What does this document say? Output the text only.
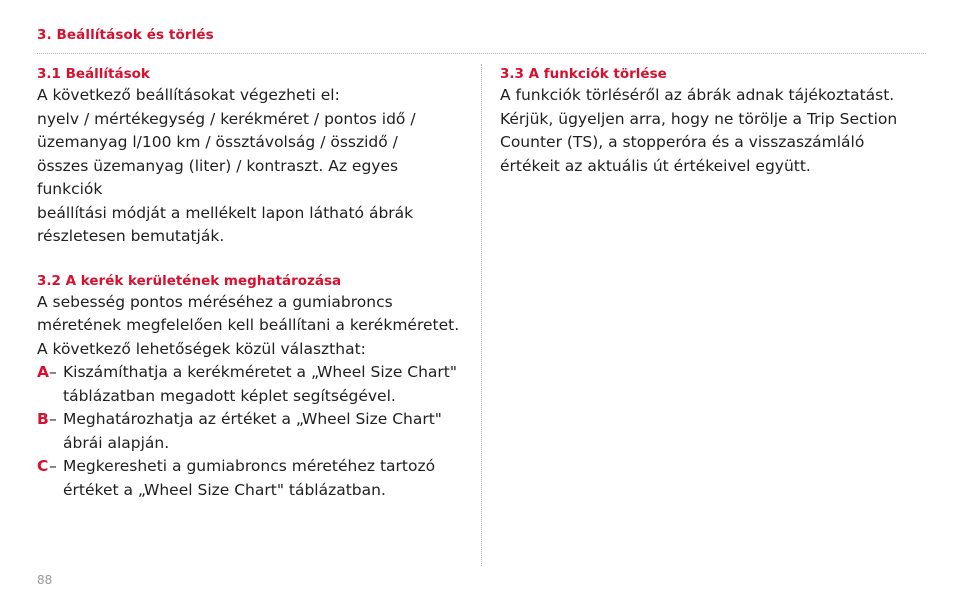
3. Beállítások és törlés
3.1 Beállítások

A következő beállításokat végezheti el:
nyelv / mértékegység / kerékméret / pontos idő /
üzemanyag l/100 km / össztávolság / összidő /
összes üzemanyag (liter) / kontraszt. Az egyes funkciók
beállítási módját a mellékelt lapon látható ábrák
részletesen bemutatják.

3.2 A kerék kerületének meghatározása

A sebesség pontos méréséhez a gumiabroncs
méretének megfelelően kell beállítani a kerékméretet.
A következő lehetőségek közül választhat:

A – Kiszámíthatja a kerékméretet a „Wheel Size Chart"
táblázatban megadott képlet segítségével.
B – Meghatározhatja az értéket a „Wheel Size Chart"
ábrái alapján.
C – Megkeresheti a gumiabroncs méretéhez tartozó
értéket a „Wheel Size Chart" táblázatban.
3.3 A funkciók törlése

A funkciók törléséről az ábrák adnak tájékoztatást.
Kérjük, ügyeljen arra, hogy ne törölje a Trip Section
Counter (TS), a stopperóra és a visszaszámláló
értékeit az aktuális út értékeivel együtt.

88
